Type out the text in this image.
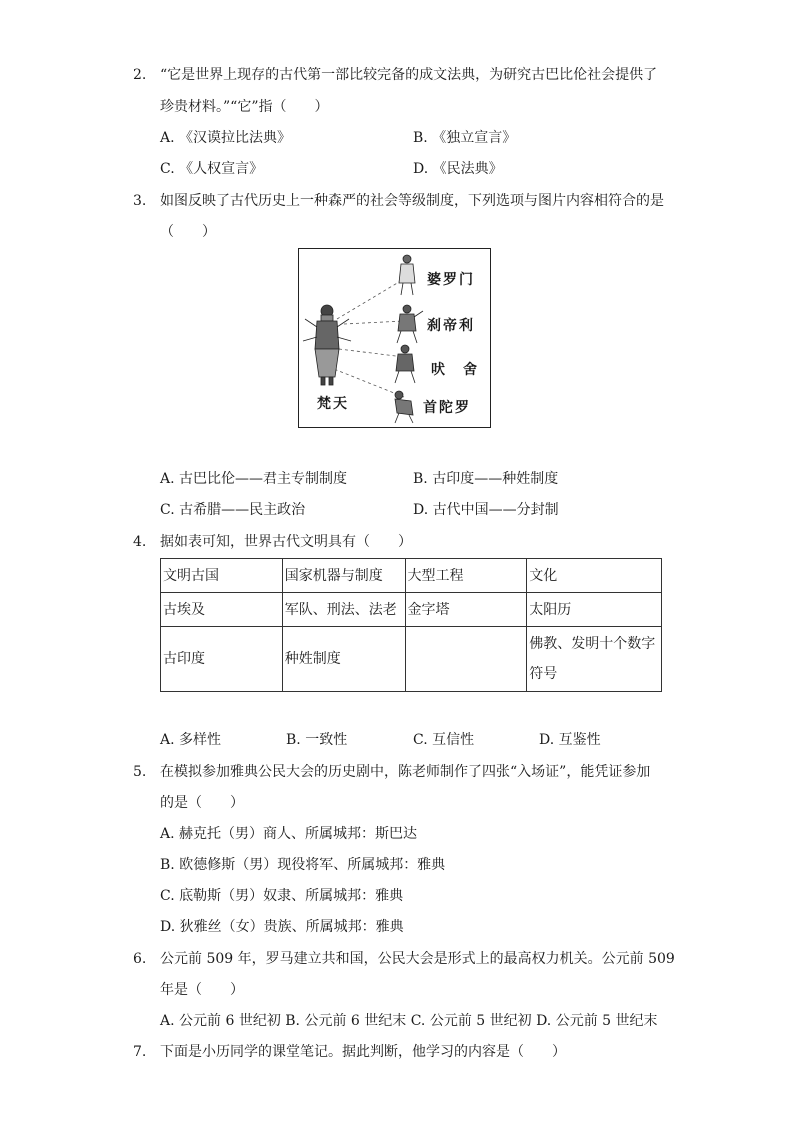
2. “它是世界上现存的古代第一部比较完备的成文法典，为研究古巴比伦社会提供了
珍贵材料。”“它”指（　　）
A. 《汉谟拉比法典》	B. 《独立宣言》
C. 《人权宣言》	D. 《民法典》
3. 如图反映了古代历史上一种森严的社会等级制度，下列选项与图片内容相符合的是
（　　）
婆罗门
刹帝利
吠　舍
首陀罗
梵天
A. 古巴比伦——君主专制制度	B. 古印度——种姓制度
C. 古希腊——民主政治	D. 古代中国——分封制
4. 据如表可知，世界古代文明具有（　　）
文明古国	国家机器与制度	大型工程	文化
古埃及	军队、刑法、法老	金字塔	太阳历
古印度	种姓制度		佛教、发明十个数字符号
A. 多样性	B. 一致性	C. 互信性	D. 互鉴性
5. 在模拟参加雅典公民大会的历史剧中，陈老师制作了四张“入场证”，能凭证参加
的是（　　）
A. 赫克托（男）商人、所属城邦：斯巴达
B. 欧德修斯（男）现役将军、所属城邦：雅典
C. 底勒斯（男）奴隶、所属城邦：雅典
D. 狄雅丝（女）贵族、所属城邦：雅典
6. 公元前 509 年，罗马建立共和国，公民大会是形式上的最高权力机关。公元前 509
年是（　　）
A. 公元前 6 世纪初 B. 公元前 6 世纪末 C. 公元前 5 世纪初 D. 公元前 5 世纪末
7. 下面是小历同学的课堂笔记。据此判断，他学习的内容是（　　）
